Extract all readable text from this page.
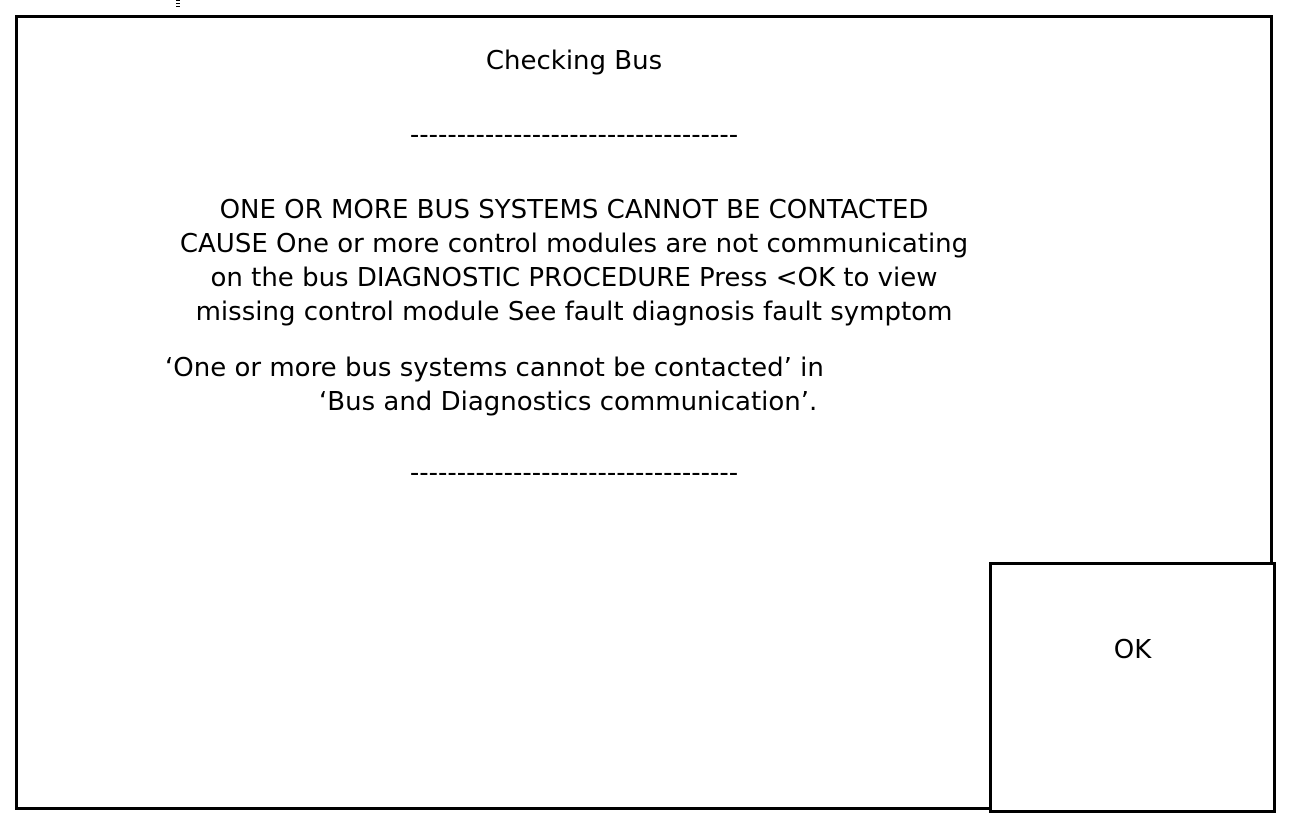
Checking Bus
-----------------------------------
ONE OR MORE BUS SYSTEMS CANNOT BE CONTACTED
CAUSE One or more control modules are not communicating
on the bus DIAGNOSTIC PROCEDURE Press <OK to view
missing control module See fault diagnosis fault symptom
‘One or more bus systems cannot be contacted’ in
‘Bus and Diagnostics communication’.
-----------------------------------
OK
